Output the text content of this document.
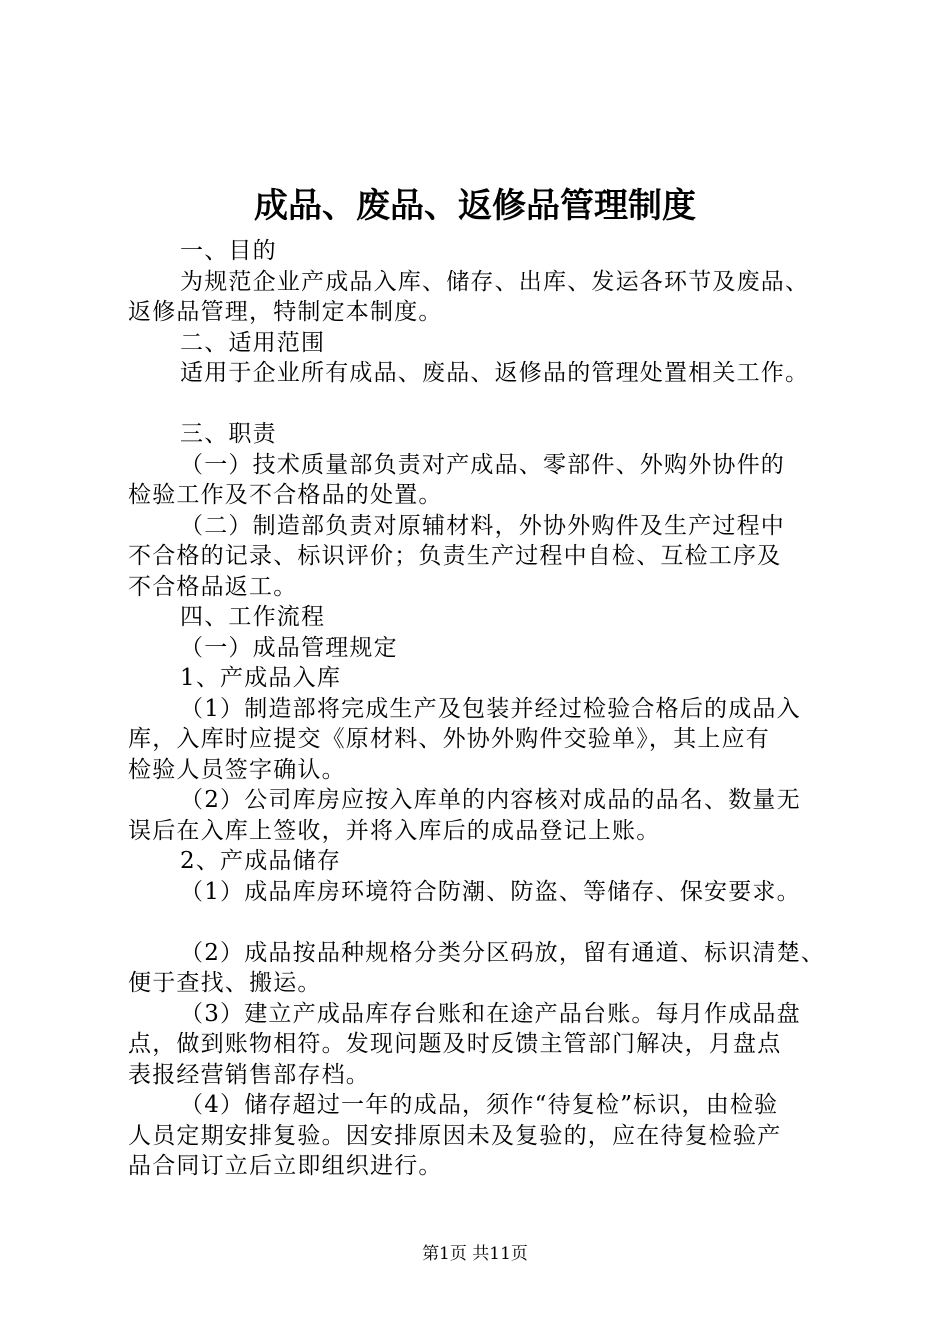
成品、废品、返修品管理制度

一、目的

为规范企业产成品入库、储存、出库、发运各环节及废品、

返修品管理，特制定本制度。

二、适用范围

适用于企业所有成品、废品、返修品的管理处置相关工作。

三、职责

（一）技术质量部负责对产成品、零部件、外购外协件的

检验工作及不合格品的处置。

（二）制造部负责对原辅材料，外协外购件及生产过程中

不合格的记录、标识评价；负责生产过程中自检、互检工序及

不合格品返工。

四、工作流程

（一）成品管理规定

1、产成品入库

（1）制造部将完成生产及包装并经过检验合格后的成品入

库，入库时应提交《原材料、外协外购件交验单》，其上应有

检验人员签字确认。

（2）公司库房应按入库单的内容核对成品的品名、数量无

误后在入库上签收，并将入库后的成品登记上账。

2、产成品储存

（1）成品库房环境符合防潮、防盗、等储存、保安要求。

（2）成品按品种规格分类分区码放，留有通道、标识清楚、

便于查找、搬运。

（3）建立产成品库存台账和在途产品台账。每月作成品盘

点，做到账物相符。发现问题及时反馈主管部门解决，月盘点

表报经营销售部存档。

（4）储存超过一年的成品，须作“待复检”标识，由检验

人员定期安排复验。因安排原因未及复验的，应在待复检验产

品合同订立后立即组织进行。

第1页 共11页
